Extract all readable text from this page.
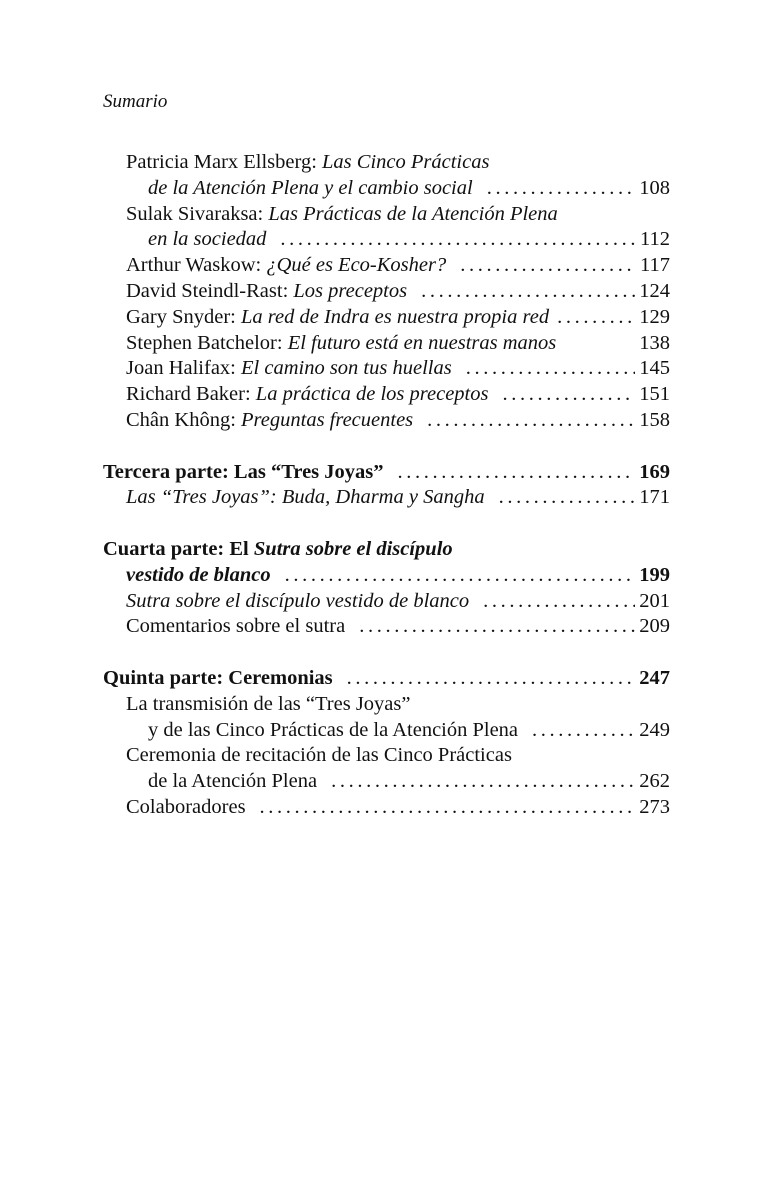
Sumario
Patricia Marx Ellsberg: Las Cinco Prácticas
de la Atención Plena y el cambio social . . .	108
Sulak Sivaraksa: Las Prácticas de la Atención Plena
en la sociedad . . .	112
Arthur Waskow: ¿Qué es Eco-Kosher? . . .	117
David Steindl-Rast: Los preceptos . . .	124
Gary Snyder: La red de Indra es nuestra propia red . . .	129
Stephen Batchelor: El futuro está en nuestras manos	138
Joan Halifax: El camino son tus huellas . . .	145
Richard Baker: La práctica de los preceptos . . .	151
Chân Không: Preguntas frecuentes . . .	158
Tercera parte: Las “Tres Joyas” . . .	169
Las “Tres Joyas”: Buda, Dharma y Sangha . . .	171
Cuarta parte: El Sutra sobre el discípulo
vestido de blanco . . .	199
Sutra sobre el discípulo vestido de blanco . . .	201
Comentarios sobre el sutra . . .	209
Quinta parte: Ceremonias . . .	247
La transmisión de las “Tres Joyas”
y de las Cinco Prácticas de la Atención Plena . . .	249
Ceremonia de recitación de las Cinco Prácticas
de la Atención Plena . . .	262
Colaboradores . . .	273
